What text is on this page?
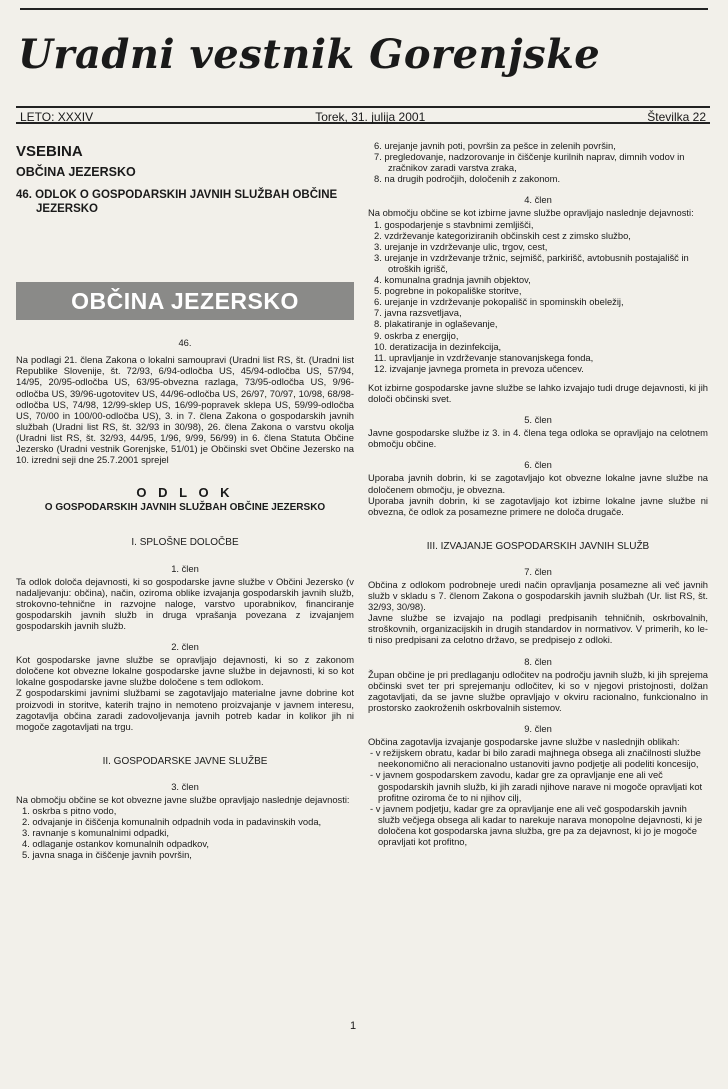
Uradni vestnik Gorenjske
LETO: XXXIV	Torek, 31. julija 2001	Številka 22
VSEBINA
OBČINA JEZERSKO
46. ODLOK O GOSPODARSKIH JAVNIH SLUŽBAH OBČINE JEZERSKO
OBČINA JEZERSKO
46.

Na podlagi 21. člena Zakona o lokalni samoupravi (Uradni list RS, št. (Uradni list Republike Slovenije, št. 72/93, 6/94-odločba US, 45/94-odločba US, 57/94, 14/95, 20/95-odločba US, 63/95-obvezna razlaga, 73/95-odločba US, 9/96-odločba US, 39/96-ugotovitev US, 44/96-odločba US, 26/97, 70/97, 10/98, 68/98-odločba US, 74/98, 12/99-sklep US, 16/99-popravek sklepa US, 59/99-odločba US, 70/00 in 100/00-odločba US), 3. in 7. člena Zakona o gospodarskih javnih službah (Uradni list RS, št. 32/93 in 30/98), 26. člena Zakona o varstvu okolja (Uradni list RS, št. 32/93, 44/95, 1/96, 9/99, 56/99) in 6. člena Statuta Občine Jezersko (Uradni vestnik Gorenjske, 51/01) je Občinski svet Občine Jezersko na 10. izredni seji dne 25.7.2001 sprejel

O D L O K
O GOSPODARSKIH JAVNIH SLUŽBAH OBČINE JEZERSKO
I. SPLOŠNE DOLOČBE
1. člen

Ta odlok določa dejavnosti, ki so gospodarske javne službe v Občini Jezersko (v nadaljevanju: občina), način, oziroma oblike izvajanja gospodarskih javnih služb, strokovno-tehnične in razvojne naloge, varstvo uporabnikov, financiranje gospodarskih javnih služb in druga vprašanja povezana z izvajanjem gospodarskih javnih služb.

2. člen

Kot gospodarske javne službe se opravljajo dejavnosti, ki so z zakonom določene kot obvezne lokalne gospodarske javne službe in dejavnosti, ki so kot lokalne gospodarske javne službe določene s tem odlokom.

Z gospodarskimi javnimi službami se zagotavljajo materialne javne dobrine kot proizvodi in storitve, katerih trajno in nemoteno proizvajanje v javnem interesu, zagotavlja občina zaradi zadovoljevanja javnih potreb kadar in kolikor jih ni mogoče zagotavljati na trgu.

II. GOSPODARSKE JAVNE SLUŽBE
3. člen

Na območju občine se kot obvezne javne službe opravljajo naslednje dejavnosti:

1. oskrba s pitno vodo,
2. odvajanje in čiščenja komunalnih odpadnih voda in padavinskih voda,
3. ravnanje s komunalnimi odpadki,
4. odlaganje ostankov komunalnih odpadkov,
5. javna snaga in čiščenje javnih površin,
6. urejanje javnih poti, površin za pešce in zelenih površin,
7. pregledovanje, nadzorovanje in čiščenje kurilnih naprav, dimnih vodov in zračnikov zaradi varstva zraka,
8. na drugih področjih, določenih z zakonom.
4. člen

Na območju občine se kot izbirne javne službe opravljajo naslednje dejavnosti:

1. gospodarjenje s stavbnimi zemljišči,
2. vzdrževanje kategoriziranih občinskih cest z zimsko službo,
3. urejanje in vzdrževanje ulic, trgov, cest,
3. urejanje in vzdrževanje tržnic, sejmišč, parkirišč, avtobusnih postajališč in otroških igrišč,
4. komunalna gradnja javnih objektov,
5. pogrebne in pokopališke storitve,
6. urejanje in vzdrževanje pokopališč in spominskih obeležij,
7. javna razsvetljava,
8. plakatiranje in oglaševanje,
9. oskrba z energijo,
10. deratizacija in dezinfekcija,
11. upravljanje in vzdrževanje stanovanjskega fonda,
12. izvajanje javnega prometa in prevoza učencev.

Kot izbirne gospodarske javne službe se lahko izvajajo tudi druge dejavnosti, ki jih določi občinski svet.

5. člen

Javne gospodarske službe iz 3. in 4. člena tega odloka se opravljajo na celotnem območju občine.

6. člen

Uporaba javnih dobrin, ki se zagotavljajo kot obvezne lokalne javne službe na določenem območju, je obvezna.

Uporaba javnih dobrin, ki se zagotavljajo kot izbirne lokalne javne službe ni obvezna, če odlok za posamezne primere ne določa drugače.

III. IZVAJANJE GOSPODARSKIH JAVNIH SLUŽB
7. člen

Občina z odlokom podrobneje uredi način opravljanja posamezne ali več javnih služb v skladu s 7. členom Zakona o gospodarskih javnih službah (Ur. list RS, št. 32/93, 30/98).

Javne službe se izvajajo na podlagi predpisanih tehničnih, oskrbovalnih, stroškovnih, organizacijskih in drugih standardov in normativov. V primerih, ko le-ti niso predpisani za celotno državo, se predpisejo z odloki.

8. člen

Župan občine je pri predlaganju odločitev na področju javnih služb, ki jih sprejema občinski svet ter pri sprejemanju odločitev, ki so v njegovi pristojnosti, dolžan zagotavljati, da se javne službe opravljajo v okviru racionalno, funkcionalno in prostorsko zaokroženih oskrbovalnih sistemov.

9. člen

Občina zagotavlja izvajanje gospodarske javne službe v naslednjih oblikah:

- v režijskem obratu, kadar bi bilo zaradi majhnega obsega ali značilnosti službe neekonomično ali neracionalno ustanoviti javno podjetje ali podeliti koncesijo,
- v javnem gospodarskem zavodu, kadar gre za opravljanje ene ali več gospodarskih javnih služb, ki jih zaradi njihove narave ni mogoče opravljati kot profitne oziroma če to ni njihov cilj,
- v javnem podjetju, kadar gre za opravljanje ene ali več gospodarskih javnih služb večjega obsega ali kadar to narekuje narava monopolne dejavnosti, ki je določena kot gospodarska javna služba, gre pa za dejavnost, ki jo je mogoče opravljati kot profitno,
1
